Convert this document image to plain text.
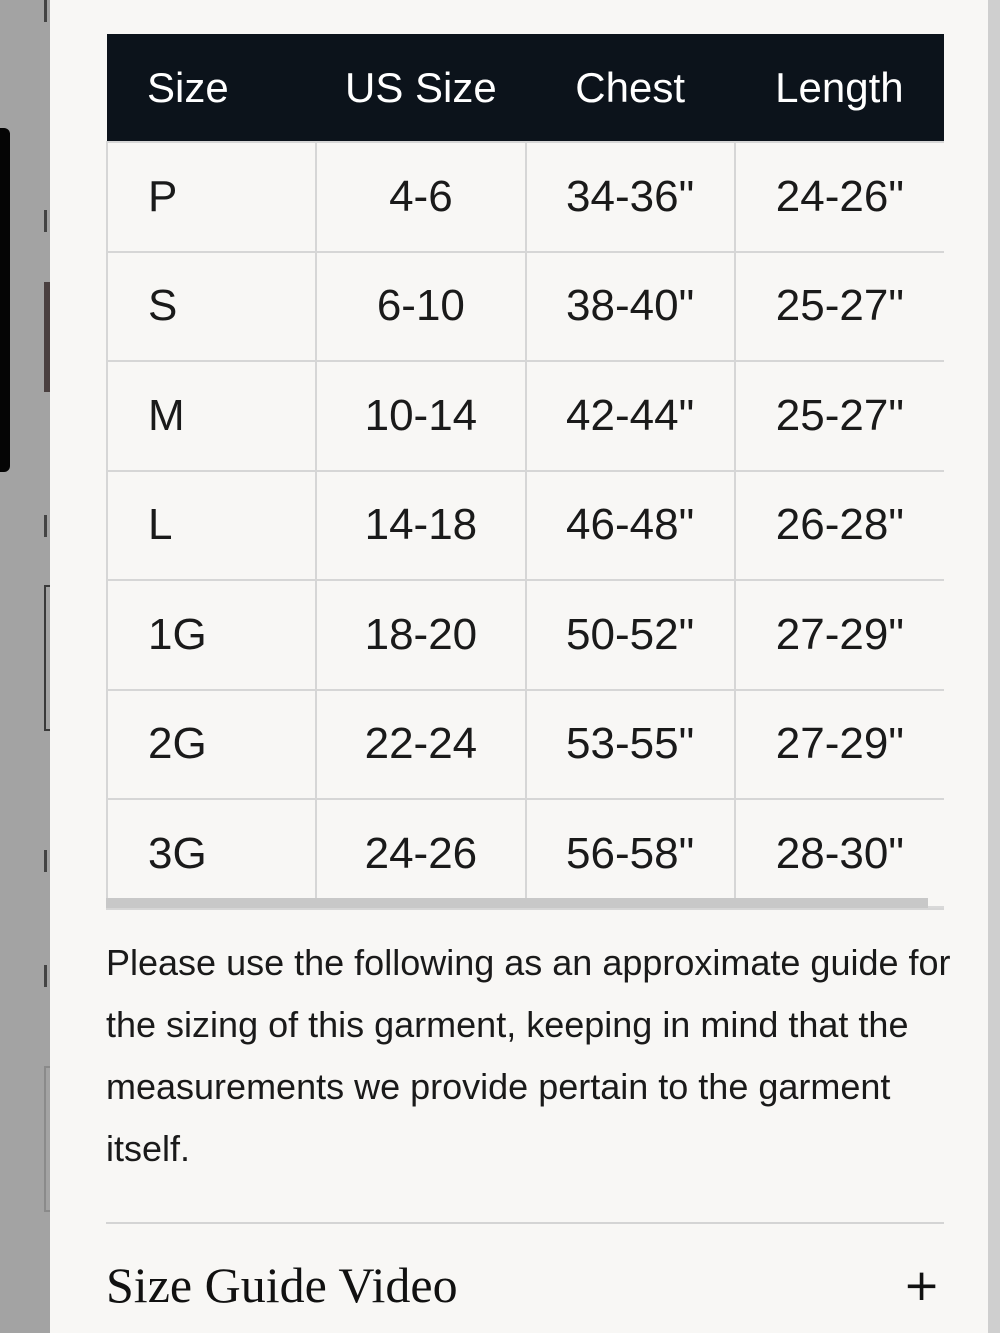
Size	US Size	Chest	Length
P	4-6	34-36"	24-26"
S	6-10	38-40"	25-27"
M	10-14	42-44"	25-27"
L	14-18	46-48"	26-28"
1G	18-20	50-52"	27-29"
2G	22-24	53-55"	27-29"
3G	24-26	56-58"	28-30"

Please use the following as an approximate guide for the sizing of this garment, keeping in mind that the measurements we provide pertain to the garment itself.

Size Guide Video	+
